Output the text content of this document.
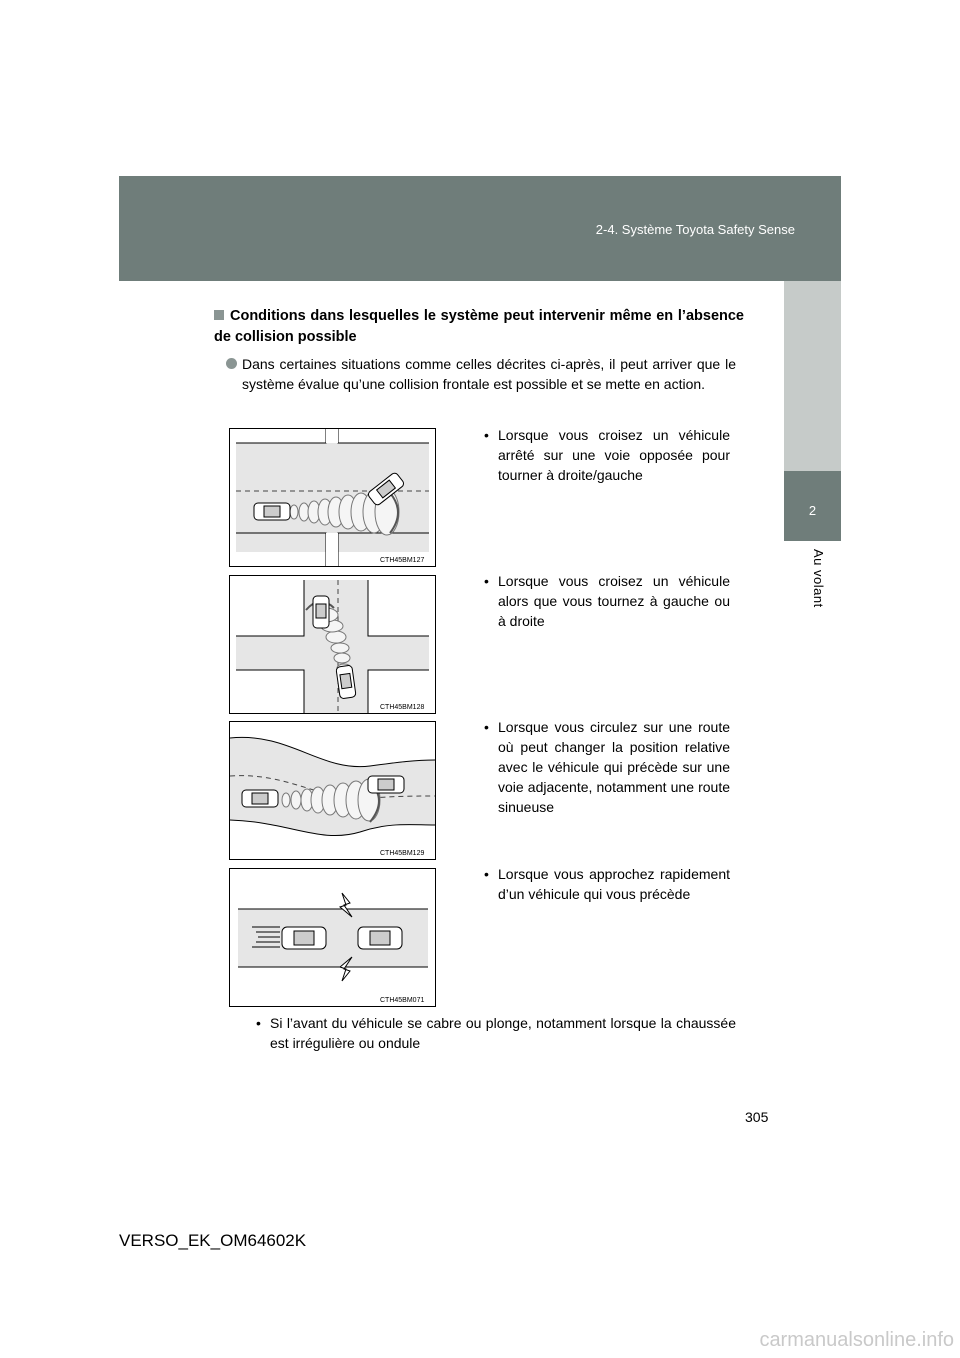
2-4. Système Toyota Safety Sense
2
Au volant
Conditions dans lesquelles le système peut intervenir même en l’absence de collision possible
Dans certaines situations comme celles décrites ci-après, il peut arriver que le système évalue qu’une collision frontale est possible et se mette en action.
CTH45BM127
• Lorsque vous croisez un véhicule arrêté sur une voie opposée pour tourner à droite/gauche
CTH45BM128
• Lorsque vous croisez un véhicule alors que vous tournez à gauche ou à droite
CTH45BM129
• Lorsque vous circulez sur une route où peut changer la position relative avec le véhicule qui précède sur une voie adjacente, notamment une route sinueuse
CTH45BM071
• Lorsque vous approchez rapidement d’un véhicule qui vous précède
• Si l’avant du véhicule se cabre ou plonge, notamment lorsque la chaussée est irrégulière ou ondule
305
VERSO_EK_OM64602K
carmanualsonline.info
